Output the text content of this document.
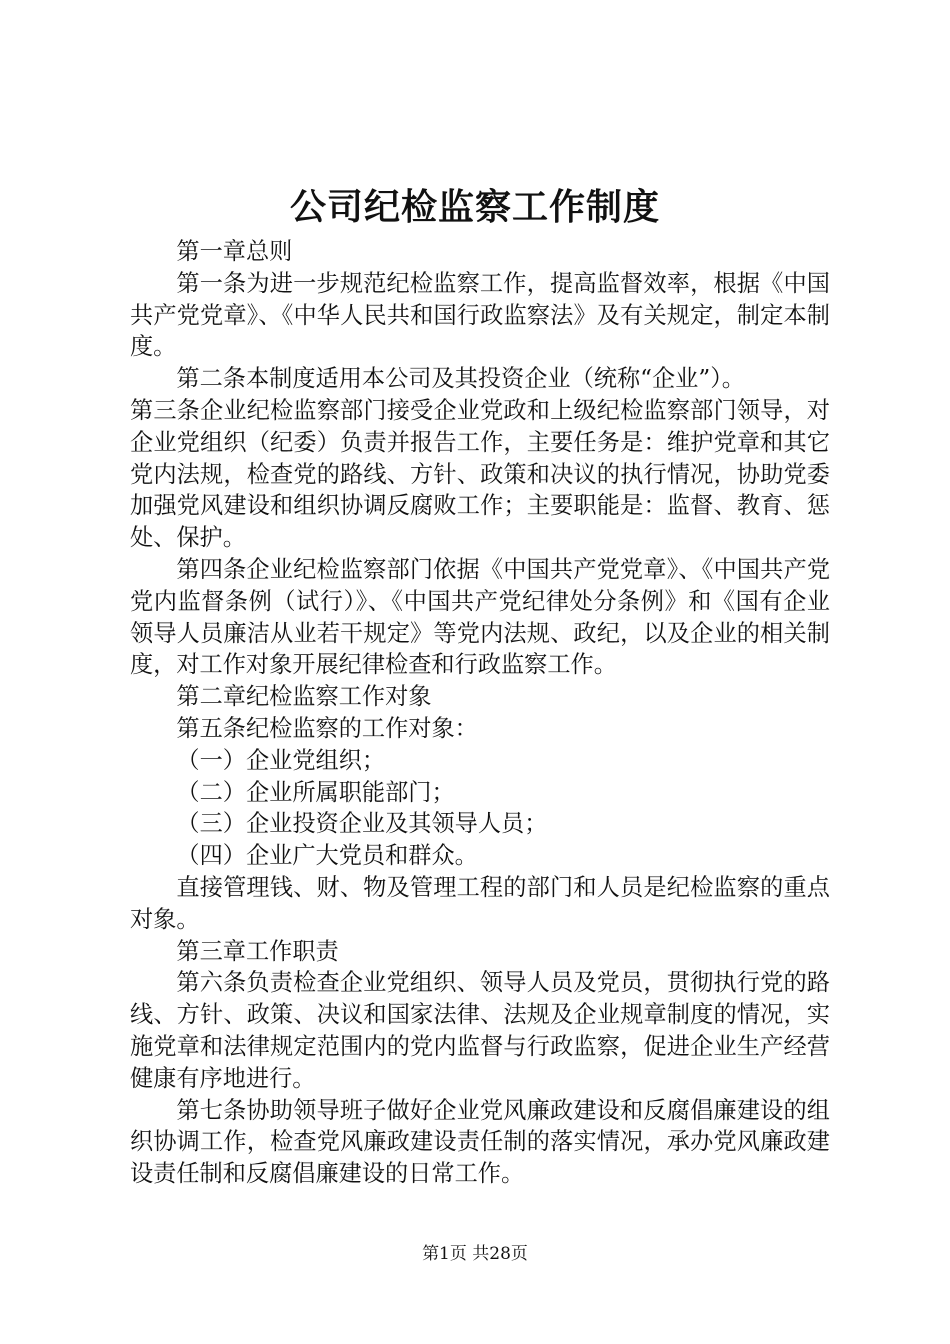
公司纪检监察工作制度

第一章总则

第一条为进一步规范纪检监察工作，提高监督效率，根据《中国共产党党章》、《中华人民共和国行政监察法》及有关规定，制定本制度。

第二条本制度适用本公司及其投资企业（统称“企业”）。

第三条企业纪检监察部门接受企业党政和上级纪检监察部门领导，对企业党组织（纪委）负责并报告工作，主要任务是：维护党章和其它党内法规，检查党的路线、方针、政策和决议的执行情况，协助党委加强党风建设和组织协调反腐败工作；主要职能是：监督、教育、惩处、保护。

第四条企业纪检监察部门依据《中国共产党党章》、《中国共产党党内监督条例（试行）》、《中国共产党纪律处分条例》和《国有企业领导人员廉洁从业若干规定》等党内法规、政纪，以及企业的相关制度，对工作对象开展纪律检查和行政监察工作。

第二章纪检监察工作对象

第五条纪检监察的工作对象：

（一）企业党组织；

（二）企业所属职能部门；

（三）企业投资企业及其领导人员；

（四）企业广大党员和群众。

直接管理钱、财、物及管理工程的部门和人员是纪检监察的重点对象。

第三章工作职责

第六条负责检查企业党组织、领导人员及党员，贯彻执行党的路线、方针、政策、决议和国家法律、法规及企业规章制度的情况，实施党章和法律规定范围内的党内监督与行政监察，促进企业生产经营健康有序地进行。

第七条协助领导班子做好企业党风廉政建设和反腐倡廉建设的组织协调工作，检查党风廉政建设责任制的落实情况，承办党风廉政建设责任制和反腐倡廉建设的日常工作。

第1页 共28页
